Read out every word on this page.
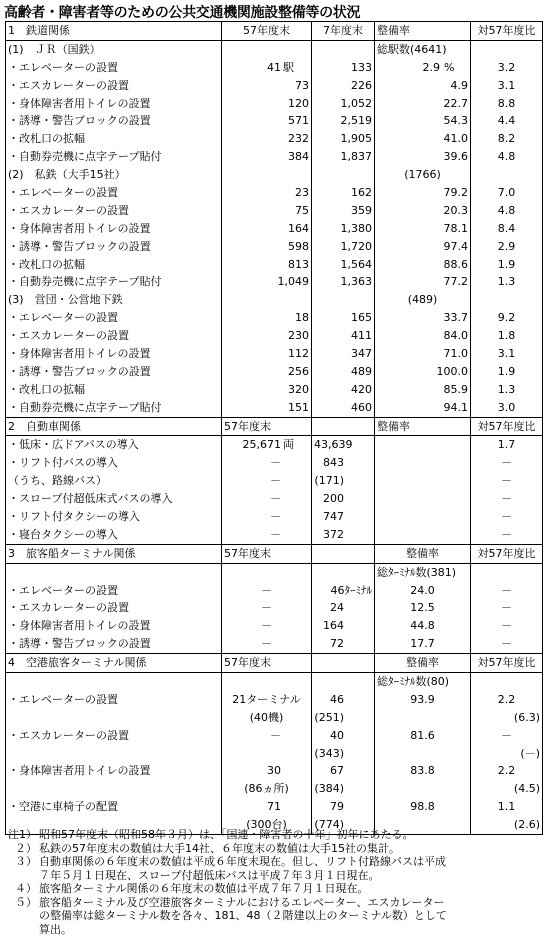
高齢者・障害者等のための公共交通機関施設整備等の状況
1　鉄道関係	57年度末	7年度末	整備率	対57年度比
(1)　ＪＲ（国鉄）			総駅数(4641)	
・エレベーターの設置	41 駅	133	2.9 %	3.2
・エスカレーターの設置	73	226	4.9	3.1
・身体障害者用トイレの設置	120	1,052	22.7	8.8
・誘導・警告ブロックの設置	571	2,519	54.3	4.4
・改札口の拡幅	232	1,905	41.0	8.2
・自動券売機に点字テープ貼付	384	1,837	39.6	4.8
(2)　私鉄（大手15社）			(1766)	
・エレベーターの設置	23	162	79.2	7.0
・エスカレーターの設置	75	359	20.3	4.8
・身体障害者用トイレの設置	164	1,380	78.1	8.4
・誘導・警告ブロックの設置	598	1,720	97.4	2.9
・改札口の拡幅	813	1,564	88.6	1.9
・自動券売機に点字テープ貼付	1,049	1,363	77.2	1.3
(3)　営団・公営地下鉄			(489)	
・エレベーターの設置	18	165	33.7	9.2
・エスカレーターの設置	230	411	84.0	1.8
・身体障害者用トイレの設置	112	347	71.0	3.1
・誘導・警告ブロックの設置	256	489	100.0	1.9
・改札口の拡幅	320	420	85.9	1.3
・自動券売機に点字テープ貼付	151	460	94.1	3.0
2　自動車関係	57年度末		整備率	対57年度比
・低床・広ドアバスの導入	25,671 両	43,639		1.7
・リフト付バスの導入	－	843		－
（うち、路線バス）	－	(171)		－
・スロープ付超低床式バスの導入	－	200		－
・リフト付タクシーの導入	－	747		－
・寝台タクシーの導入	－	372		－
3　旅客船ターミナル関係	57年度末		整備率	対57年度比
			総ﾀｰﾐﾅﾙ数(381)	
・エレベーターの設置	－	46ﾀｰﾐﾅﾙ	24.0	－
・エスカレーターの設置	－	24	12.5	－
・身体障害者用トイレの設置	－	164	44.8	－
・誘導・警告ブロックの設置	－	72	17.7	－
4　空港旅客ターミナル関係	57年度末		整備率	対57年度比
			総ﾀｰﾐﾅﾙ数(80)	
・エレベーターの設置	21ターミナル	46	93.9	2.2
	(40機)	(251)		(6.3)
・エスカレーターの設置	－	40	81.6	－
		(343)		(－)
・身体障害者用トイレの設置	30	67	83.8	2.2
	(86ヵ所)	(384)		(4.5)
・空港に車椅子の配置	71	79	98.8	1.1
	(300台)	(774)		(2.6)
注1） 昭和57年度末（昭和58年３月）は、「国連・障害者の十年」初年にあたる。
２） 私鉄の57年度末の数値は大手14社、６年度末の数値は大手15社の集計。
３） 自動車関係の６年度末の数値は平成６年度末現在。但し、リフト付路線バスは平成
７年５月１日現在、スロープ付超低床バスは平成７年３月１日現在。
４） 旅客船ターミナル関係の６年度末の数値は平成７年７月１日現在。
５） 旅客船ターミナル及び空港旅客ターミナルにおけるエレベーター、エスカレーター
の整備率は総ターミナル数を各々、181、48（２階建以上のターミナル数）として
算出。
